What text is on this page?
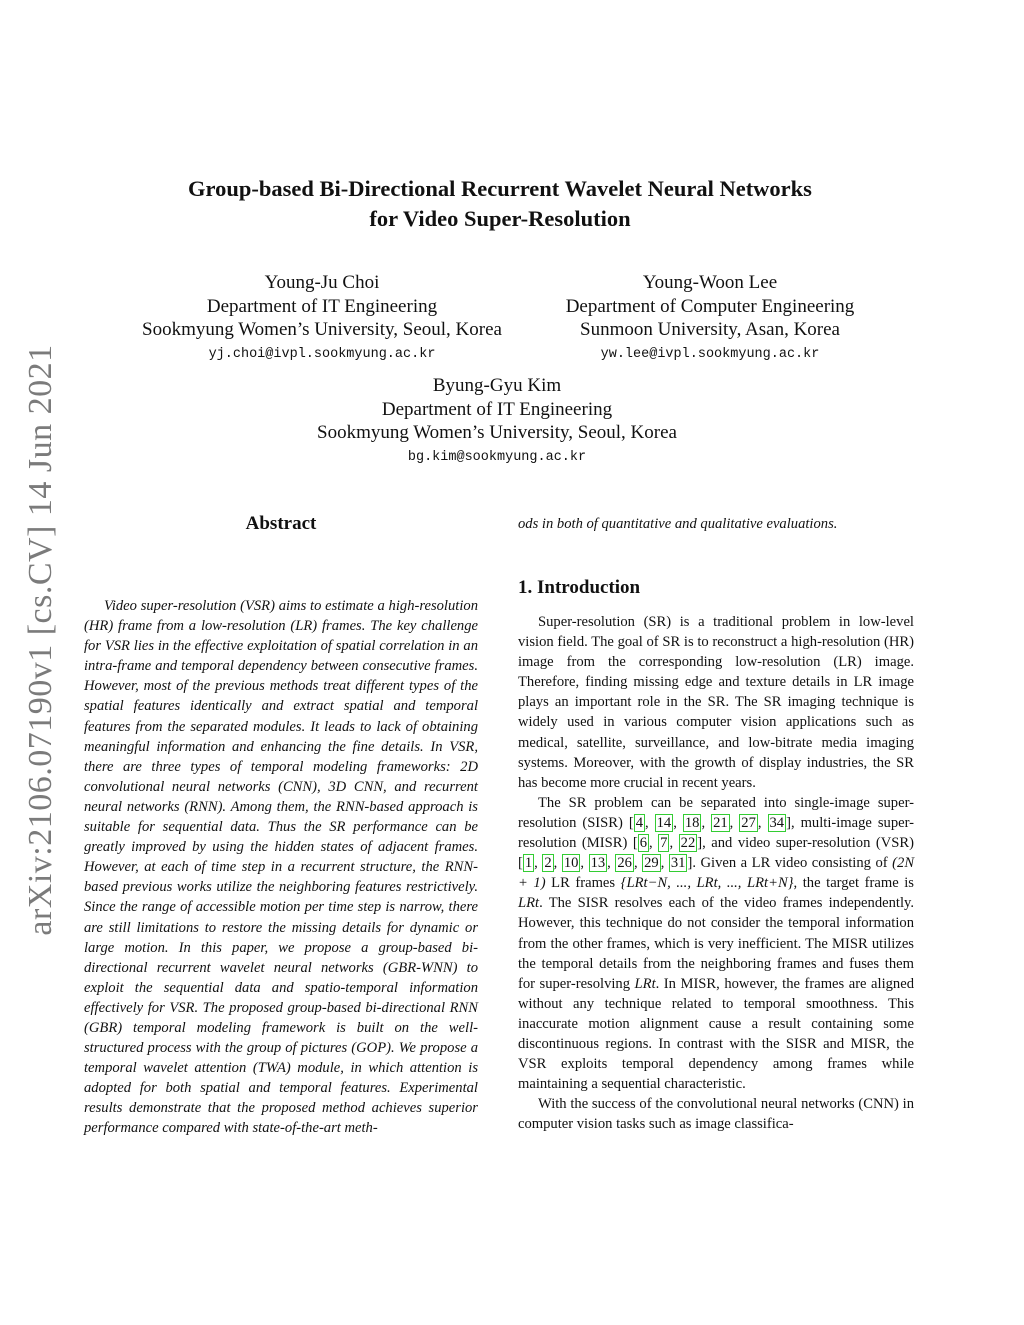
arXiv:2106.07190v1 [cs.CV] 14 Jun 2021
Group-based Bi-Directional Recurrent Wavelet Neural Networks
for Video Super-Resolution
Young-Ju Choi
Department of IT Engineering
Sookmyung Women’s University, Seoul, Korea
yj.choi@ivpl.sookmyung.ac.kr
Young-Woon Lee
Department of Computer Engineering
Sunmoon University, Asan, Korea
yw.lee@ivpl.sookmyung.ac.kr
Byung-Gyu Kim
Department of IT Engineering
Sookmyung Women’s University, Seoul, Korea
bg.kim@sookmyung.ac.kr
Abstract

Video super-resolution (VSR) aims to estimate a high-resolution (HR) frame from a low-resolution (LR) frames. The key challenge for VSR lies in the effective exploitation of spatial correlation in an intra-frame and temporal dependency between consecutive frames. However, most of the previous methods treat different types of the spatial features identically and extract spatial and temporal features from the separated modules. It leads to lack of obtaining meaningful information and enhancing the fine details. In VSR, there are three types of temporal modeling frameworks: 2D convolutional neural networks (CNN), 3D CNN, and recurrent neural networks (RNN). Among them, the RNN-based approach is suitable for sequential data. Thus the SR performance can be greatly improved by using the hidden states of adjacent frames. However, at each of time step in a recurrent structure, the RNN-based previous works utilize the neighboring features restrictively. Since the range of accessible motion per time step is narrow, there are still limitations to restore the missing details for dynamic or large motion. In this paper, we propose a group-based bi-directional recurrent wavelet neural networks (GBR-WNN) to exploit the sequential data and spatio-temporal information effectively for VSR. The proposed group-based bi-directional RNN (GBR) temporal modeling framework is built on the well-structured process with the group of pictures (GOP). We propose a temporal wavelet attention (TWA) module, in which attention is adopted for both spatial and temporal features. Experimental results demonstrate that the proposed method achieves superior performance compared with state-of-the-art meth-

ods in both of quantitative and qualitative evaluations.
1. Introduction

Super-resolution (SR) is a traditional problem in low-level vision field. The goal of SR is to reconstruct a high-resolution (HR) image from the corresponding low-resolution (LR) image. Therefore, finding missing edge and texture details in LR image plays an important role in the SR. The SR imaging technique is widely used in various computer vision applications such as medical, satellite, surveillance, and low-bitrate media imaging systems. Moreover, with the growth of display industries, the SR has become more crucial in recent years.

The SR problem can be separated into single-image super-resolution (SISR) [ 4 , 14 , 18 , 21 , 27 , 34 ], multi-image super-resolution (MISR) [ 6 , 7 , 22 ], and video super-resolution (VSR) [ 1 , 2 , 10 , 13 , 26 , 29 , 31 ]. Given a LR video consisting of (2N + 1) LR frames {LRt−N, ..., LRt, ..., LRt+N}, the target frame is LRt. The SISR resolves each of the video frames independently. However, this technique do not consider the temporal information from the other frames, which is very inefficient. The MISR utilizes the temporal details from the neighboring frames and fuses them for super-resolving LRt. In MISR, however, the frames are aligned without any technique related to temporal smoothness. This inaccurate motion alignment cause a result containing some discontinuous regions. In contrast with the SISR and MISR, the VSR exploits temporal dependency among frames while maintaining a sequential characteristic.

With the success of the convolutional neural networks (CNN) in computer vision tasks such as image classifica-
